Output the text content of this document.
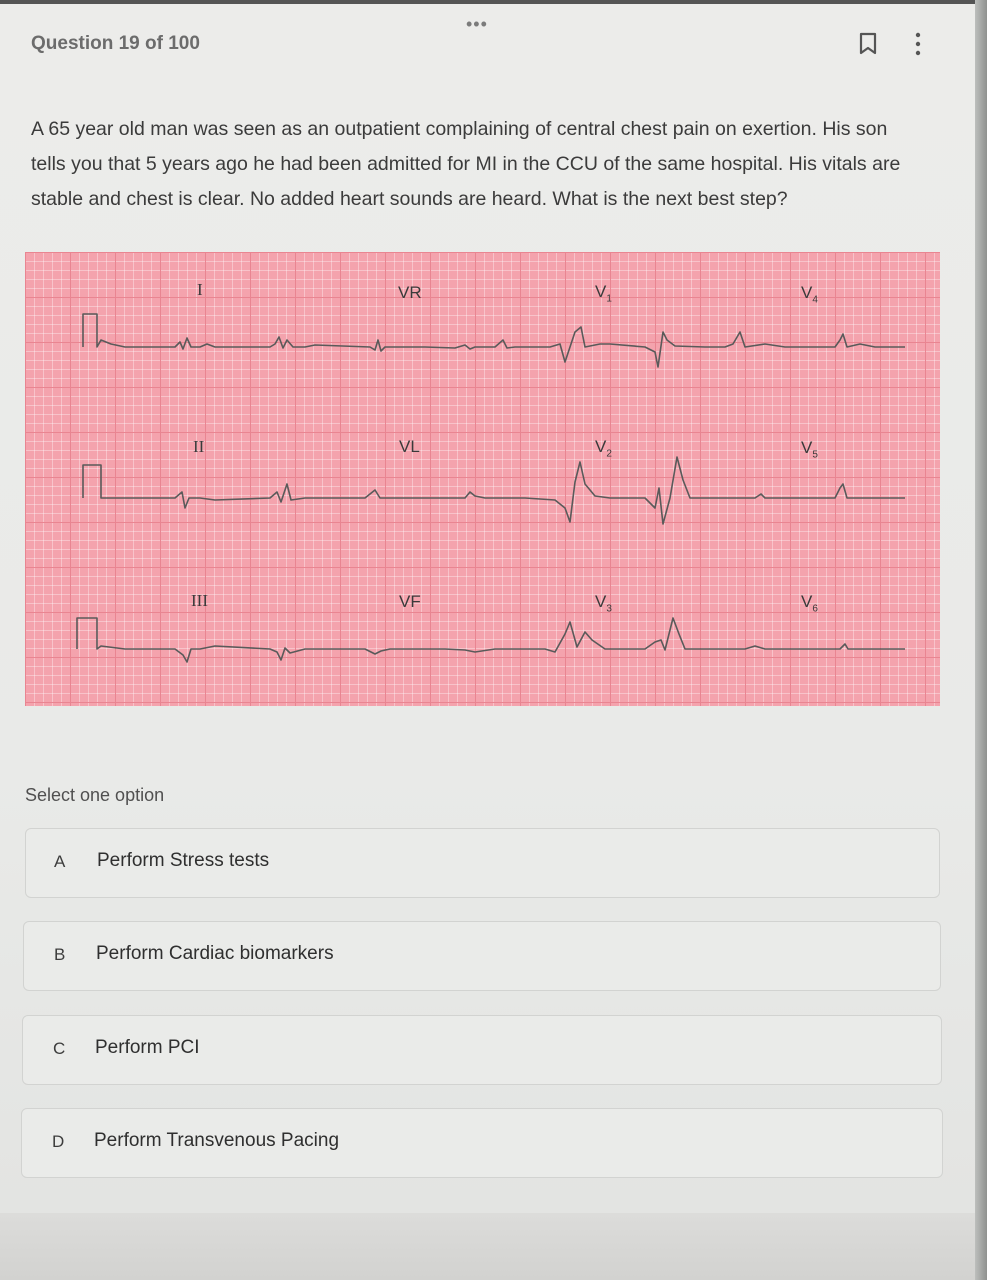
•••
Question 19 of 100
A 65 year old man was seen as an outpatient complaining of central chest pain on exertion. His son tells you that 5 years ago he had been admitted for MI in the CCU of the same hospital. His vitals are stable and chest is clear. No added heart sounds are heard. What is the next best step?
I	VR	$V_1$	$V_4$
II	VL	$V_2$	$V_5$
III	VF	$V_3$	$V_6$
Select one option
A Perform Stress tests
B Perform Cardiac biomarkers
C Perform PCI
D Perform Transvenous Pacing
